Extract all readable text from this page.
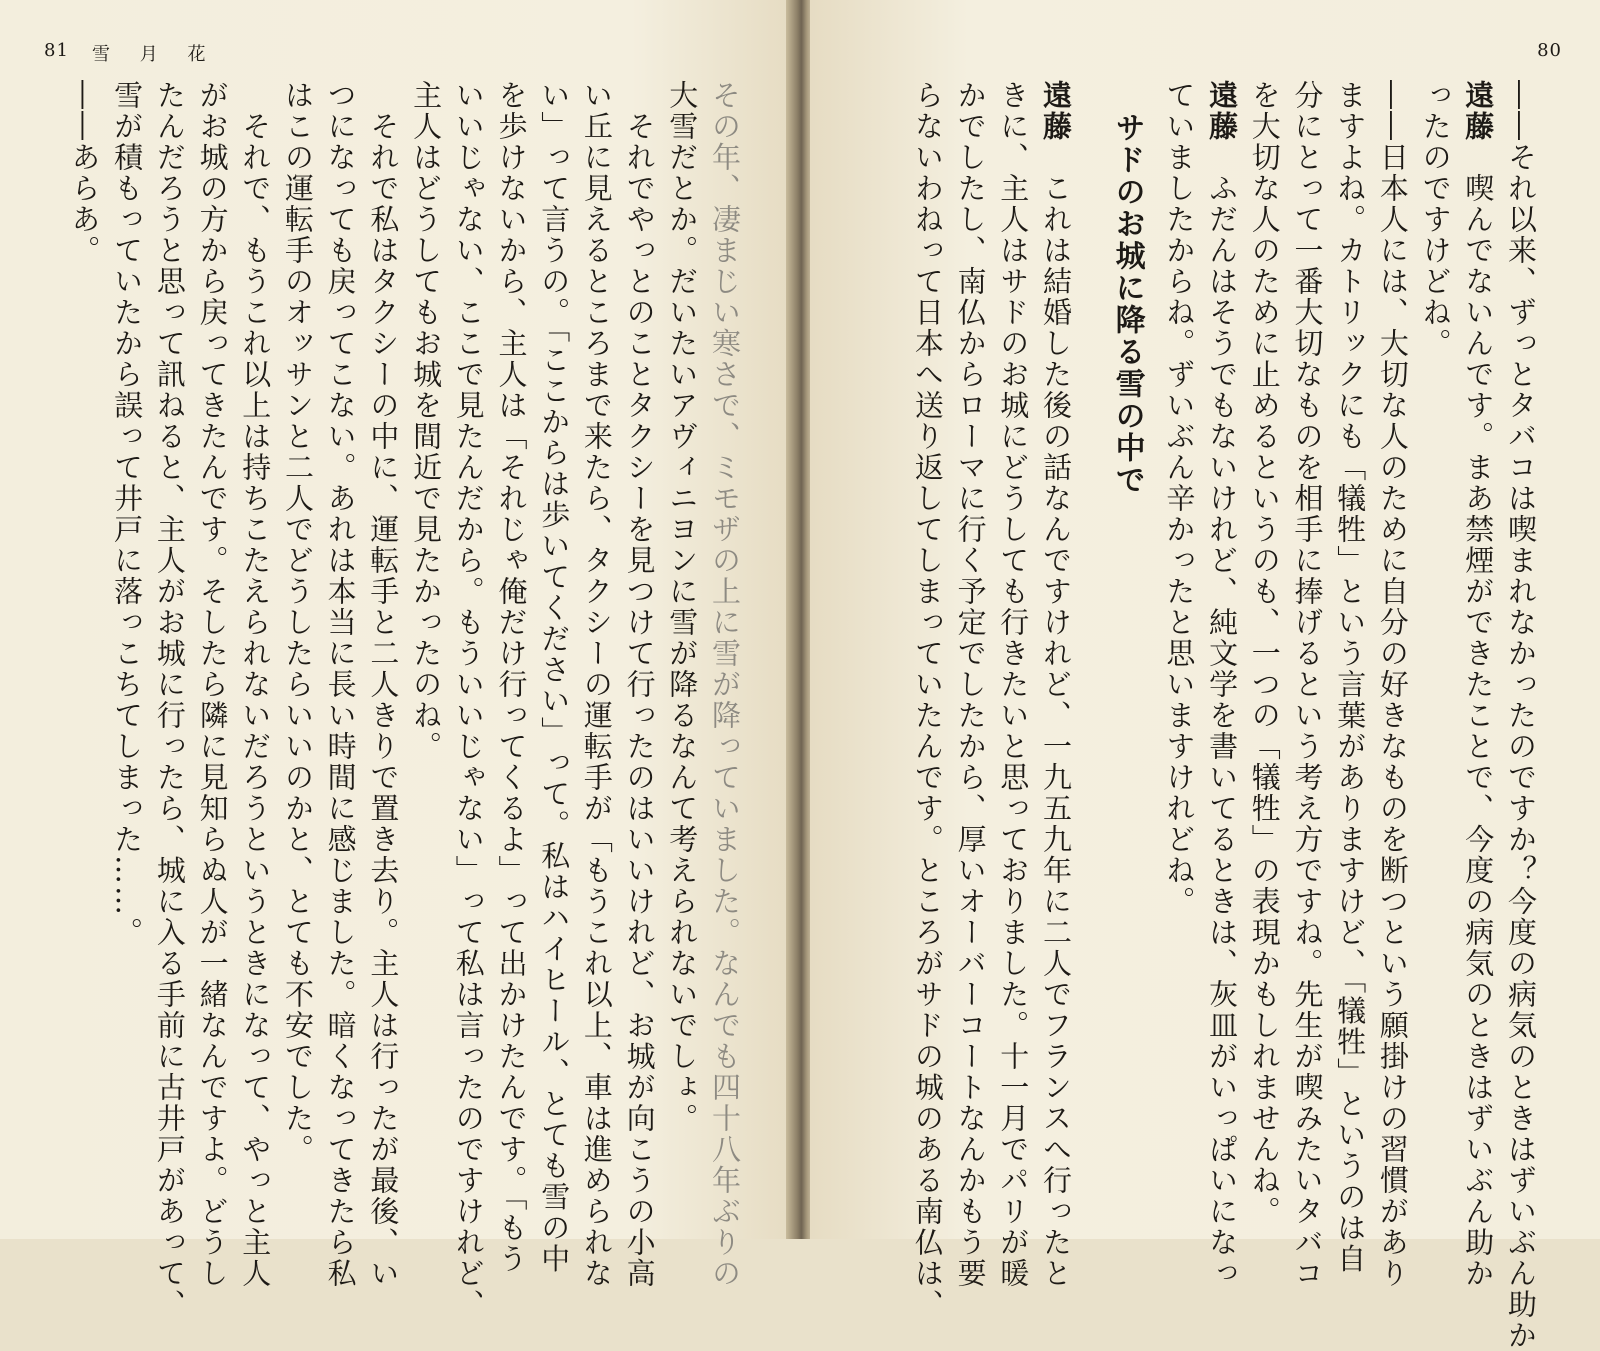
81 雪 月 花
その年、凄まじい寒さで、ミモザの上に雪が降っていました。なんでも四十八年ぶりの
大雪だとか。だいたいアヴィニヨンに雪が降るなんて考えられないでしょ。
　それでやっとのことタクシーを見つけて行ったのはいいけれど、お城が向こうの小高
い丘に見えるところまで来たら、タクシーの運転手が「もうこれ以上、車は進められな
い」って言うの。「ここからは歩いてください」って。私はハイヒール、とても雪の中
を歩けないから、主人は「それじゃ俺だけ行ってくるよ」って出かけたんです。「もう
いいじゃない、ここで見たんだから。もういいじゃない」って私は言ったのですけれど、
主人はどうしてもお城を間近で見たかったのね。
　それで私はタクシーの中に、運転手と二人きりで置き去り。主人は行ったが最後、い
つになっても戻ってこない。あれは本当に長い時間に感じました。暗くなってきたら私
はこの運転手のオッサンと二人でどうしたらいいのかと、とても不安でした。
　それで、もうこれ以上は持ちこたえられないだろうというときになって、やっと主人
がお城の方から戻ってきたんです。そしたら隣に見知らぬ人が一緒なんですよ。どうし
たんだろうと思って訊ねると、主人がお城に行ったら、城に入る手前に古井戸があって、
雪が積もっていたから誤って井戸に落っこちてしまった……。
――あらあ。
80
――それ以来、ずっとタバコは喫まれなかったのですか？今度の病気のときはずいぶん助か
遠藤　喫んでないんです。まあ禁煙ができたことで、今度の病気のときはずいぶん助か
ったのですけどね。
――日本人には、大切な人のために自分の好きなものを断つという願掛けの習慣があり
ますよね。カトリックにも「犠牲」という言葉がありますけど、「犠牲」というのは自
分にとって一番大切なものを相手に捧げるという考え方ですね。先生が喫みたいタバコ
を大切な人のために止めるというのも、一つの「犠牲」の表現かもしれませんね。
遠藤　ふだんはそうでもないけれど、純文学を書いてるときは、灰皿がいっぱいになっ
ていましたからね。ずいぶん辛かったと思いますけれどね。
サドのお城に降る雪の中で
遠藤　これは結婚した後の話なんですけれど、一九五九年に二人でフランスへ行ったと
きに、主人はサドのお城にどうしても行きたいと思っておりました。十一月でパリが暖
かでしたし、南仏からローマに行く予定でしたから、厚いオーバーコートなんかもう要
らないわねって日本へ送り返してしまっていたんです。ところがサドの城のある南仏は、
